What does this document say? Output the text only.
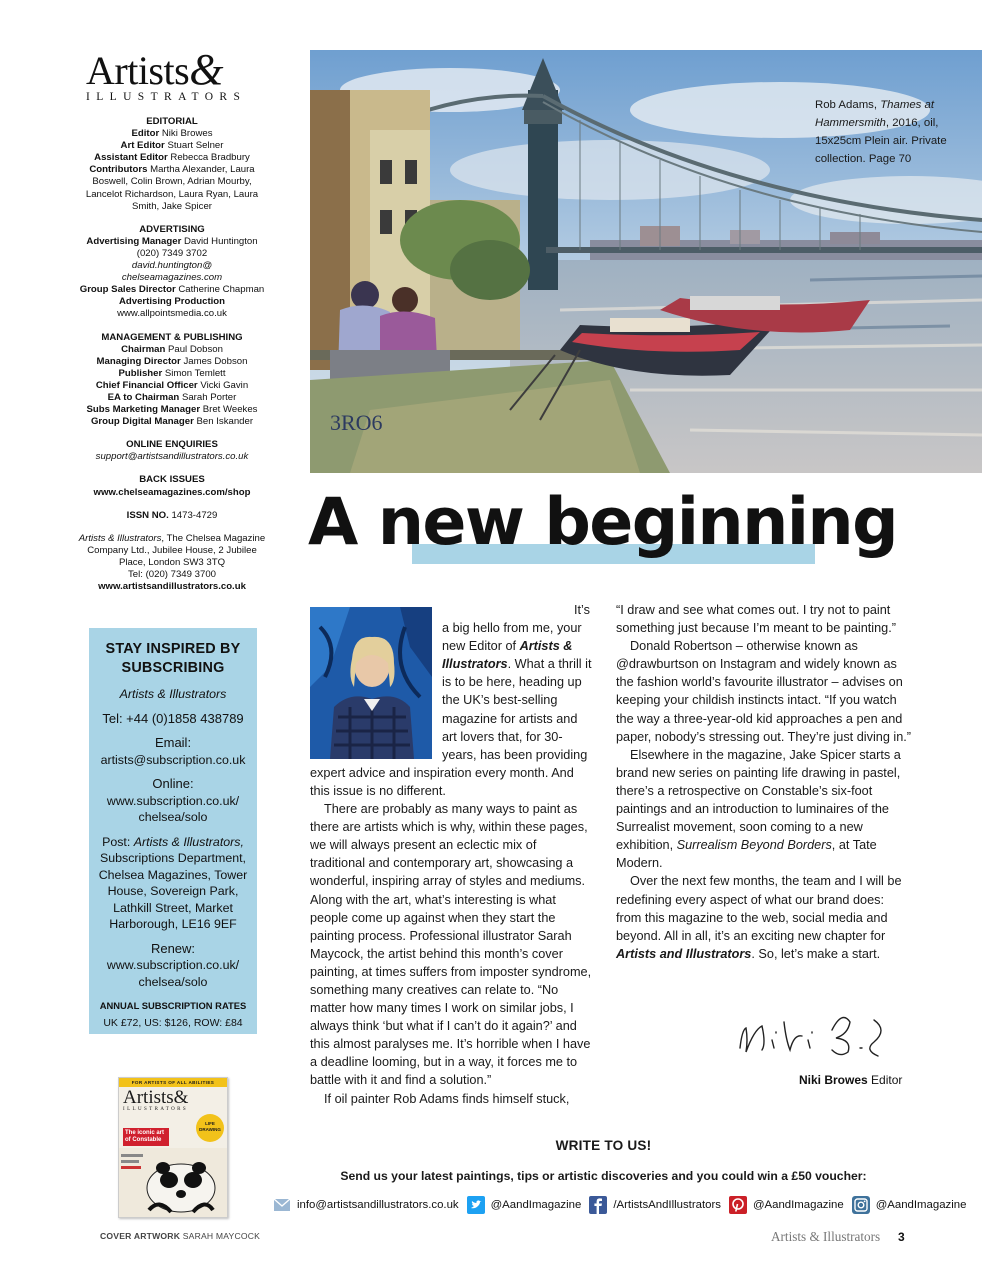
Artists&
ILLUSTRATORS
EDITORIAL
Editor Niki Browes
Art Editor Stuart Selner
Assistant Editor Rebecca Bradbury
Contributors Martha Alexander, Laura Boswell, Colin Brown, Adrian Mourby, Lancelot Richardson, Laura Ryan, Laura Smith, Jake Spicer
ADVERTISING
Advertising Manager David Huntington
(020) 7349 3702
david.huntington@
chelseamagazines.com
Group Sales Director Catherine Chapman
Advertising Production
www.allpointsmedia.co.uk
MANAGEMENT & PUBLISHING
Chairman Paul Dobson
Managing Director James Dobson
Publisher Simon Temlett
Chief Financial Officer Vicki Gavin
EA to Chairman Sarah Porter
Subs Marketing Manager Bret Weekes
Group Digital Manager Ben Iskander
ONLINE ENQUIRIES
support@artistsandillustrators.co.uk
BACK ISSUES
www.chelseamagazines.com/shop
ISSN NO. 1473-4729
Artists & Illustrators, The Chelsea Magazine Company Ltd., Jubilee House, 2 Jubilee Place, London SW3 3TQ
Tel: (020) 7349 3700
www.artistsandillustrators.co.uk
STAY INSPIRED BY SUBSCRIBING
Artists & Illustrators
Tel: +44 (0)1858 438789
Email:
artists@subscription.co.uk
Online:
www.subscription.co.uk/ chelsea/solo
Post: Artists & Illustrators, Subscriptions Department, Chelsea Magazines, Tower House, Sovereign Park, Lathkill Street, Market Harborough, LE16 9EF
Renew:
www.subscription.co.uk/ chelsea/solo
ANNUAL SUBSCRIPTION RATES
UK £72, US: $126, ROW: £84
FOR ARTISTS OF ALL ABILITIES
Artists&
ILLUSTRATORS
The iconic art of Constable
LIFE DRAWING
COVER ARTWORK SARAH MAYCOCK
3RO6
Rob Adams, Thames at Hammersmith, 2016, oil, 15x25cm Plein air. Private collection. Page 70
A new beginning

It’s a big hello from me, your new Editor of Artists & Illustrators. What a thrill it is to be here, heading up the UK’s best-selling magazine for artists and art lovers that, for 30-years, has been providing expert advice and inspiration every month. And this issue is no different.

There are probably as many ways to paint as there are artists which is why, within these pages, we will always present an eclectic mix of traditional and contemporary art, showcasing a wonderful, inspiring array of styles and mediums. Along with the art, what’s interesting is what people come up against when they start the painting process. Professional illustrator Sarah Maycock, the artist behind this month’s cover painting, at times suffers from imposter syndrome, something many creatives can relate to. “No matter how many times I work on similar jobs, I always think ‘but what if I can’t do it again?’ and this almost paralyses me. It’s horrible when I have a deadline looming, but in a way, it forces me to battle with it and find a solution.”

If oil painter Rob Adams finds himself stuck,

“I draw and see what comes out. I try not to paint something just because I’m meant to be painting.”

Donald Robertson – otherwise known as @drawburtson on Instagram and widely known as the fashion world’s favourite illustrator – advises on keeping your childish instincts intact. “If you watch the way a three-year-old kid approaches a pen and paper, nobody’s stressing out. They’re just diving in.”

Elsewhere in the magazine, Jake Spicer starts a brand new series on painting life drawing in pastel, there’s a retrospective on Constable’s six-foot paintings and an introduction to luminaires of the Surrealist movement, soon coming to a new exhibition, Surrealism Beyond Borders, at Tate Modern.

Over the next few months, the team and I will be redefining every aspect of what our brand does: from this magazine to the web, social media and beyond. All in all, it’s an exciting new chapter for Artists and Illustrators. So, let’s make a start.

Niki Browes Editor
WRITE TO US!
Send us your latest paintings, tips or artistic discoveries and you could win a £50 voucher:
info@artistsandillustrators.co.uk	@AandImagazine	/ArtistsAndIllustrators	@AandImagazine	@AandImagazine
Artists & Illustrators 3
